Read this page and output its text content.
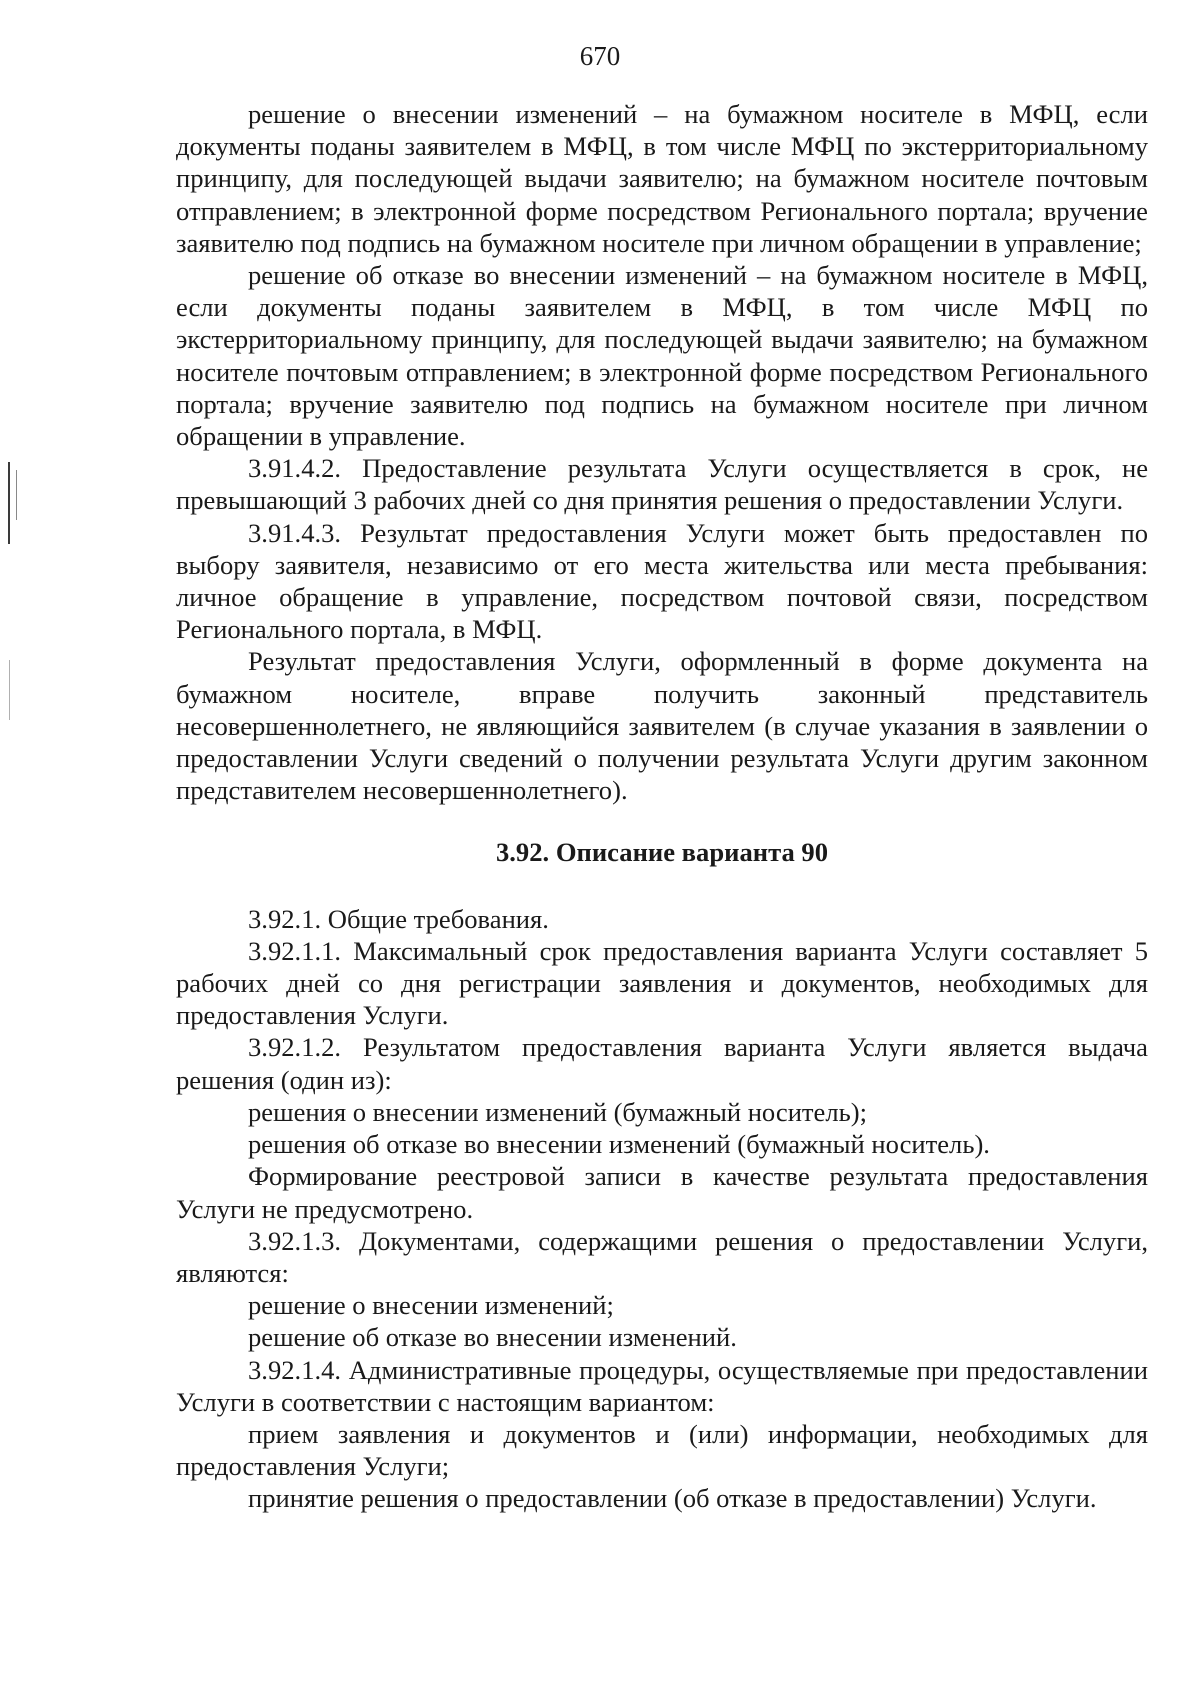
670

решение о внесении изменений – на бумажном носителе в МФЦ, если документы поданы заявителем в МФЦ, в том числе МФЦ по экстерриториальному принципу, для последующей выдачи заявителю; на бумажном носителе почтовым отправлением; в электронной форме посредством Регионального портала; вручение заявителю под подпись на бумажном носителе при личном обращении в управление;

решение об отказе во внесении изменений – на бумажном носителе в МФЦ, если документы поданы заявителем в МФЦ, в том числе МФЦ по экстерриториальному принципу, для последующей выдачи заявителю; на бумажном носителе почтовым отправлением; в электронной форме посредством Регионального портала; вручение заявителю под подпись на бумажном носителе при личном обращении в управление.

3.91.4.2. Предоставление результата Услуги осуществляется в срок, не превышающий 3 рабочих дней со дня принятия решения о предоставлении Услуги.

3.91.4.3. Результат предоставления Услуги может быть предоставлен по выбору заявителя, независимо от его места жительства или места пребывания: личное обращение в управление, посредством почтовой связи, посредством Регионального портала, в МФЦ.

Результат предоставления Услуги, оформленный в форме документа на бумажном носителе, вправе получить законный представитель несовершеннолетнего, не являющийся заявителем (в случае указания в заявлении о предоставлении Услуги сведений о получении результата Услуги другим законном представителем несовершеннолетнего).

3.92. Описание варианта 90

3.92.1. Общие требования.

3.92.1.1. Максимальный срок предоставления варианта Услуги составляет 5 рабочих дней со дня регистрации заявления и документов, необходимых для предоставления Услуги.

3.92.1.2. Результатом предоставления варианта Услуги является выдача решения (один из):

решения о внесении изменений (бумажный носитель);

решения об отказе во внесении изменений (бумажный носитель).

Формирование реестровой записи в качестве результата предоставления Услуги не предусмотрено.

3.92.1.3. Документами, содержащими решения о предоставлении Услуги, являются:

решение о внесении изменений;

решение об отказе во внесении изменений.

3.92.1.4. Административные процедуры, осуществляемые при предоставлении Услуги в соответствии с настоящим вариантом:

прием заявления и документов и (или) информации, необходимых для предоставления Услуги;

принятие решения о предоставлении (об отказе в предоставлении) Услуги.
